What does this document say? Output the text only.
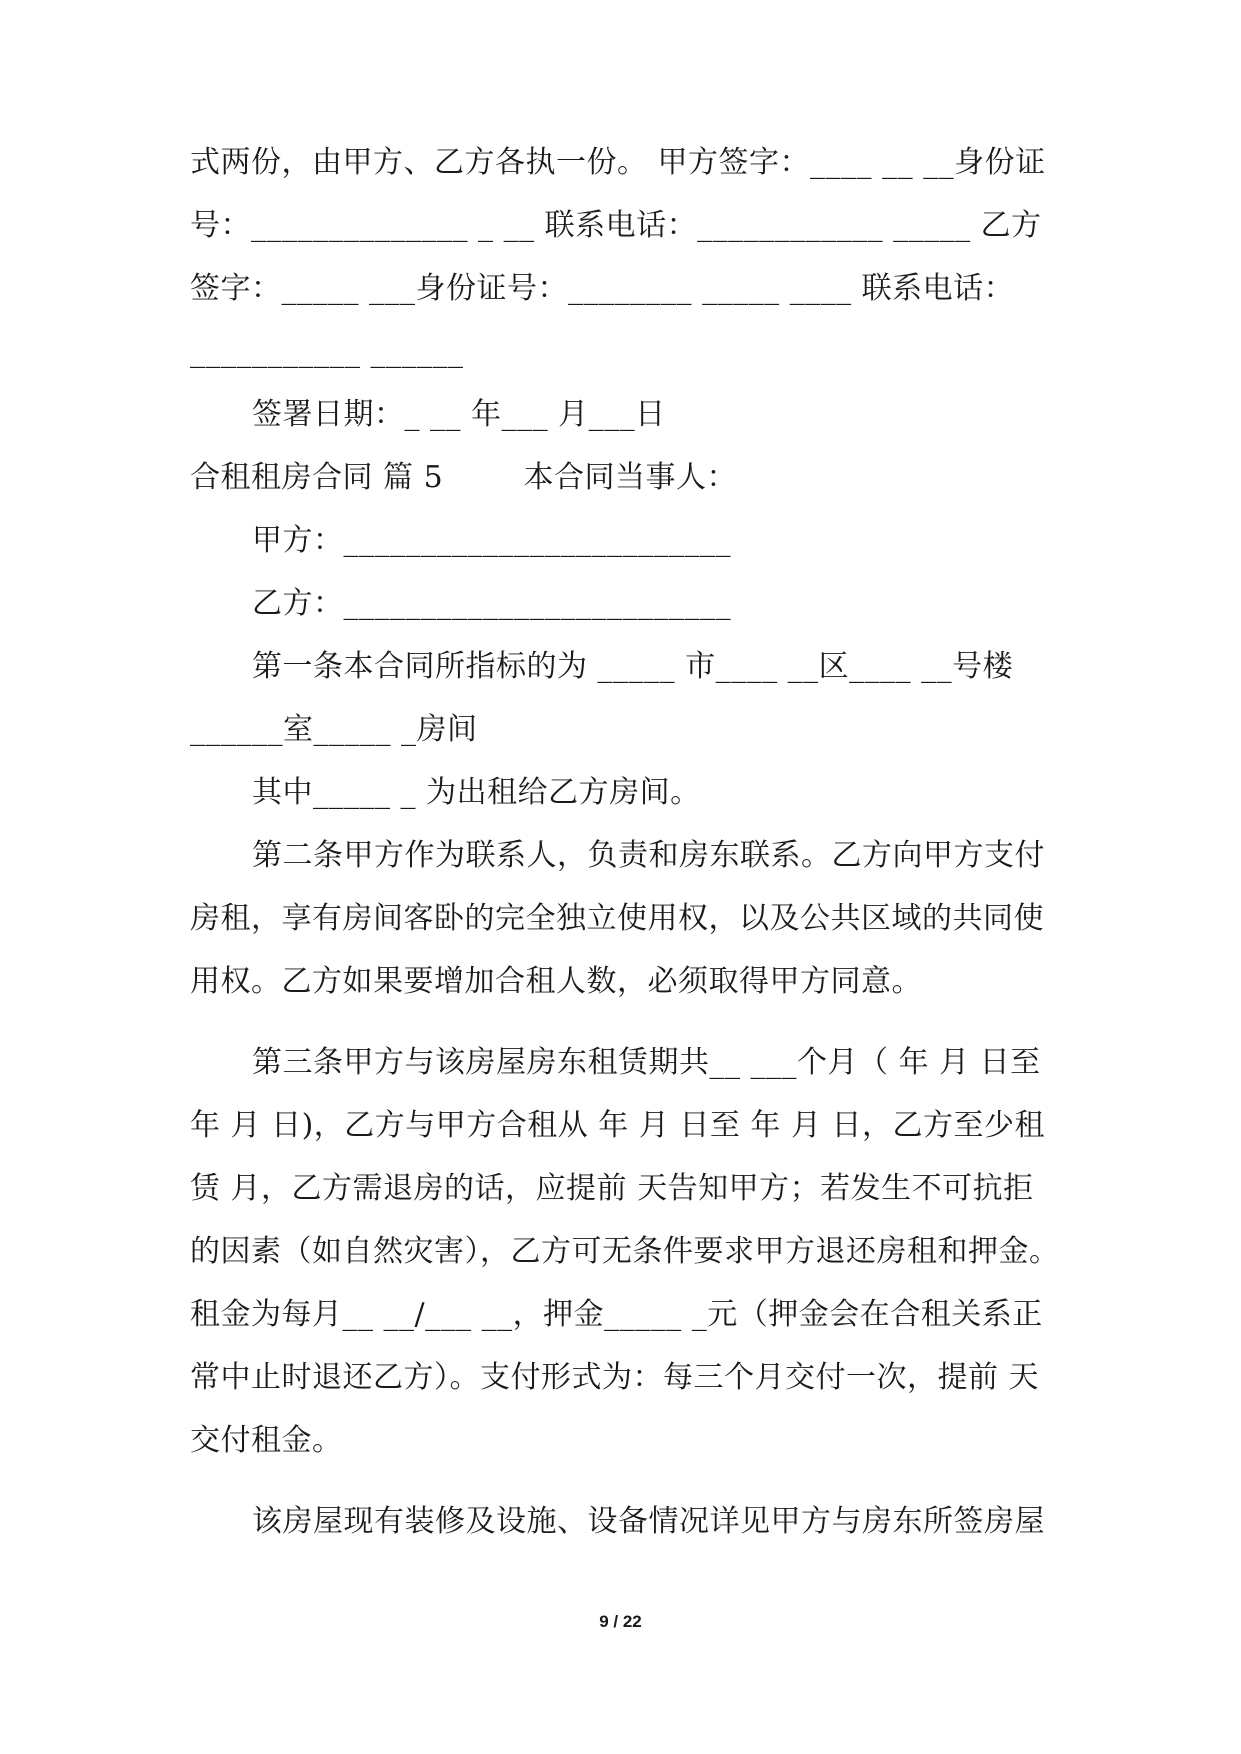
式两份，由甲方、乙方各执一份。 甲方签字：____ __ __身份证
号：______________ _ __ 联系电话：____________ _____ 乙方
签字：_____ ___身份证号：________ _____ ____ 联系电话：
___________ ______
签署日期：_ __ 年___ 月___日
合租租房合同 篇 5        本合同当事人：
甲方：_________________________
乙方：_________________________
第一条本合同所指标的为 _____ 市____ __区____ __号楼
______室_____ _房间
其中_____ _ 为出租给乙方房间。
第二条甲方作为联系人，负责和房东联系。乙方向甲方支付
房租，享有房间客卧的完全独立使用权，以及公共区域的共同使
用权。乙方如果要增加合租人数，必须取得甲方同意。
第三条甲方与该房屋房东租赁期共__ ___个月（ 年 月 日至
年 月 日)，乙方与甲方合租从 年 月 日至 年 月 日，乙方至少租
赁 月，乙方需退房的话，应提前 天告知甲方；若发生不可抗拒
的因素（如自然灾害），乙方可无条件要求甲方退还房租和押金。
租金为每月__ __/___ __，押金_____ _元（押金会在合租关系正
常中止时退还乙方）。支付形式为：每三个月交付一次，提前 天
交付租金。
该房屋现有装修及设施、设备情况详见甲方与房东所签房屋
9 / 22
